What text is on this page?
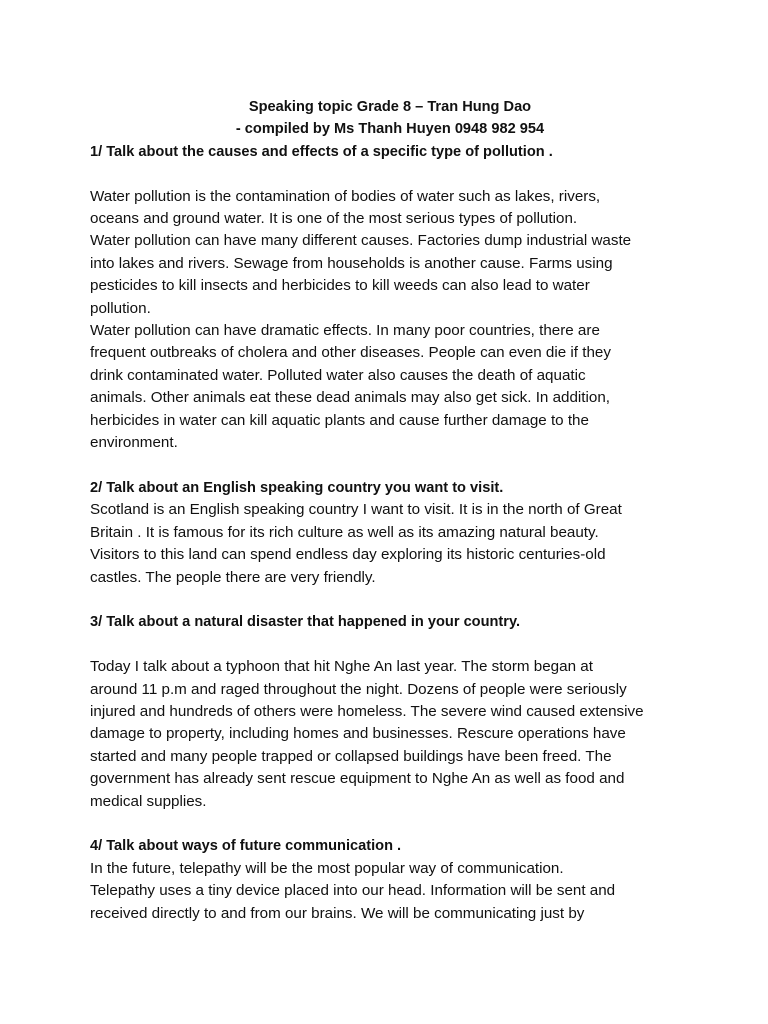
Speaking topic Grade 8 – Tran Hung Dao
- compiled by Ms Thanh Huyen 0948 982 954
1/ Talk about the causes and effects of a specific type of pollution .
Water pollution is the contamination of bodies of water such as lakes, rivers,
oceans and ground water. It is one of the most serious types of pollution.
Water pollution can have many different causes. Factories dump industrial waste
into lakes and rivers. Sewage from households is another cause. Farms using
pesticides to kill insects and herbicides to kill weeds can also lead to water
pollution.
Water pollution can have dramatic effects. In many poor countries, there are
frequent outbreaks of cholera and other diseases. People can even die if they
drink contaminated water. Polluted water also causes the death of aquatic
animals. Other animals eat these dead animals may also get sick. In addition,
herbicides in water can kill aquatic plants and cause further damage to the
environment.
2/ Talk about an English speaking country you want to visit.
Scotland is an English speaking country I want to visit. It is in the north of Great
Britain . It is famous for its rich culture as well as its amazing natural beauty.
Visitors to this land can spend endless day exploring its historic centuries-old
castles. The people there are very friendly.
3/ Talk about a natural disaster that happened in your country.
Today I talk about a typhoon that hit Nghe An last year. The storm began at
around 11 p.m and raged throughout the night. Dozens of people were seriously
injured and hundreds of others were homeless. The severe wind caused extensive
damage to property, including homes and businesses. Rescure operations have
started and many people trapped or collapsed buildings have been freed. The
government has already sent rescue equipment to Nghe An as well as food and
medical supplies.
4/ Talk about ways of future communication .
In the future, telepathy will be the most popular way of communication.
Telepathy uses a tiny device placed into our head. Information will be sent and
received directly to and from our brains. We will be communicating just by
